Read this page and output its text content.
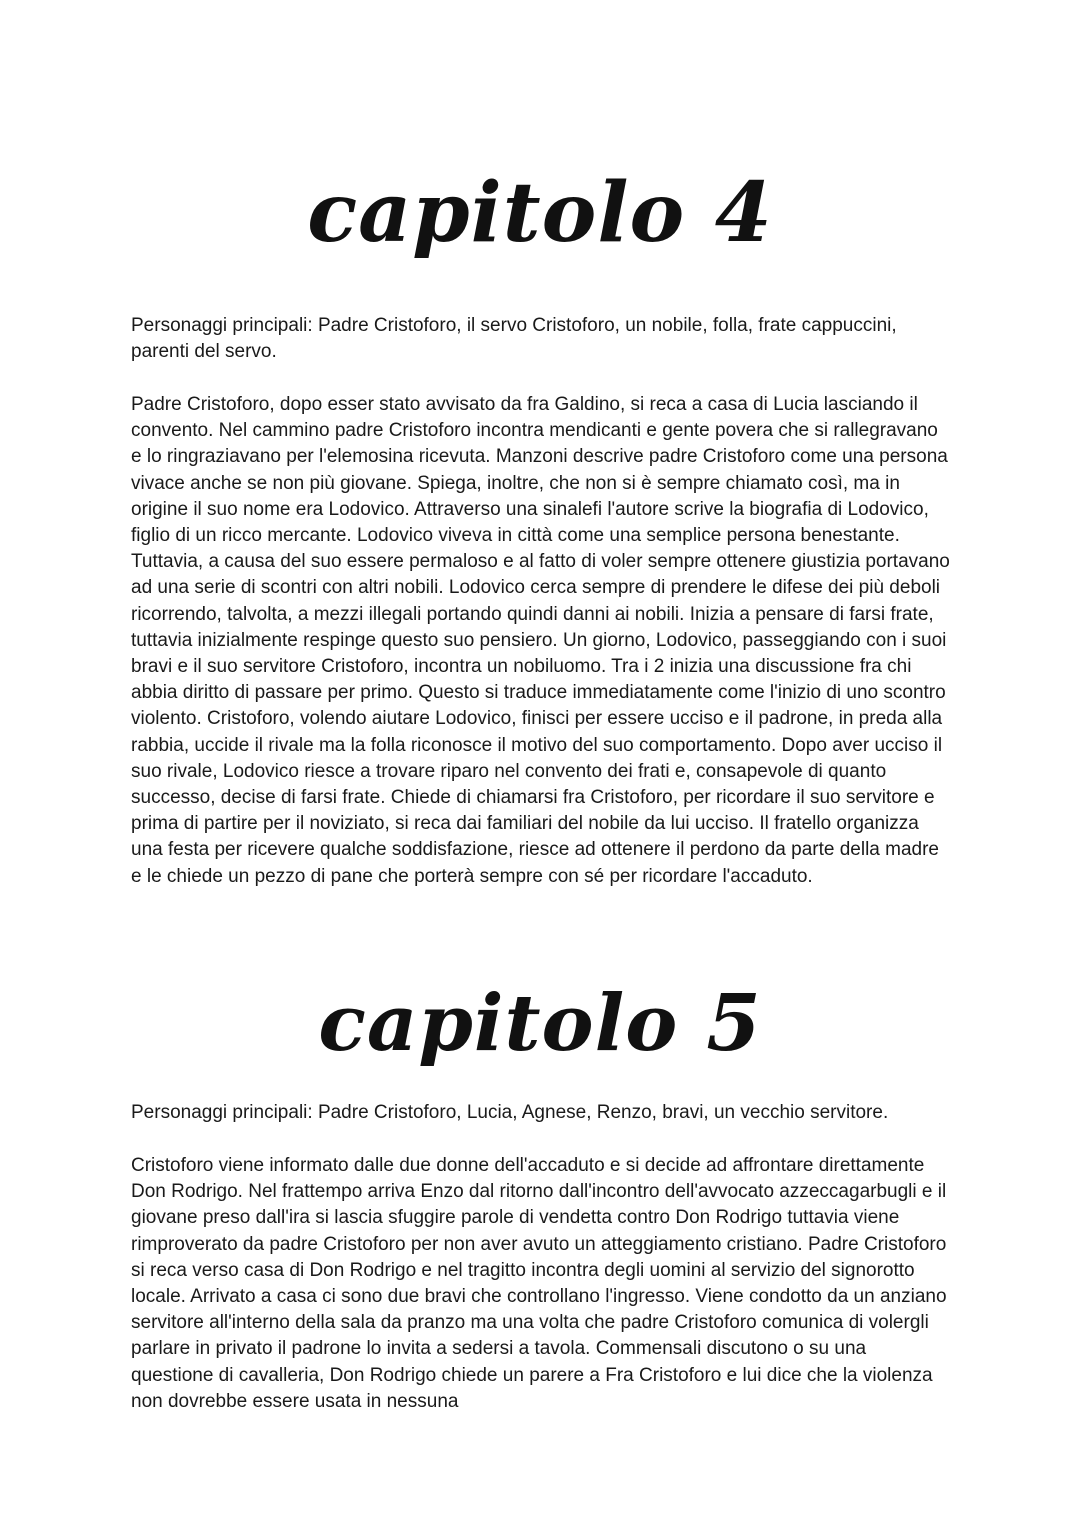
capitolo 4

Personaggi principali: Padre Cristoforo, il servo Cristoforo, un nobile, folla, frate cappuccini, parenti del servo.

Padre Cristoforo, dopo esser stato avvisato da fra Galdino, si reca a casa di Lucia lasciando il convento. Nel cammino padre Cristoforo incontra mendicanti e gente povera che si rallegravano e lo ringraziavano per l'elemosina ricevuta. Manzoni descrive padre Cristoforo come una persona vivace anche se non più giovane. Spiega, inoltre, che non si è sempre chiamato così, ma in origine il suo nome era Lodovico. Attraverso una sinalefi l'autore scrive la biografia di Lodovico, figlio di un ricco mercante. Lodovico viveva in città come una semplice persona benestante. Tuttavia, a causa del suo essere permaloso e al fatto di voler sempre ottenere giustizia portavano ad una serie di scontri con altri nobili. Lodovico cerca sempre di prendere le difese dei più deboli ricorrendo, talvolta, a mezzi illegali portando quindi danni ai nobili. Inizia a pensare di farsi frate, tuttavia inizialmente respinge questo suo pensiero. Un giorno, Lodovico, passeggiando con i suoi bravi e il suo servitore Cristoforo, incontra un nobiluomo. Tra i 2 inizia una discussione fra chi abbia diritto di passare per primo. Questo si traduce immediatamente come l'inizio di uno scontro violento. Cristoforo, volendo aiutare Lodovico, finisci per essere ucciso e il padrone, in preda alla rabbia, uccide il rivale ma la folla riconosce il motivo del suo comportamento. Dopo aver ucciso il suo rivale, Lodovico riesce a trovare riparo nel convento dei frati e, consapevole di quanto successo, decise di farsi frate. Chiede di chiamarsi fra Cristoforo, per ricordare il suo servitore e prima di partire per il noviziato, si reca dai familiari del nobile da lui ucciso. Il fratello organizza una festa per ricevere qualche soddisfazione, riesce ad ottenere il perdono da parte della madre e le chiede un pezzo di pane che porterà sempre con sé per ricordare l'accaduto.

capitolo 5

Personaggi principali: Padre Cristoforo, Lucia, Agnese, Renzo, bravi, un vecchio servitore.

Cristoforo viene informato dalle due donne dell'accaduto e si decide ad affrontare direttamente Don Rodrigo. Nel frattempo arriva Enzo dal ritorno dall'incontro dell'avvocato azzeccagarbugli e il giovane preso dall'ira si lascia sfuggire parole di vendetta contro Don Rodrigo tuttavia viene rimproverato da padre Cristoforo per non aver avuto un atteggiamento cristiano. Padre Cristoforo si reca verso casa di Don Rodrigo e nel tragitto incontra degli uomini al servizio del signorotto locale. Arrivato a casa ci sono due bravi che controllano l'ingresso. Viene condotto da un anziano servitore all'interno della sala da pranzo ma una volta che padre Cristoforo comunica di volergli parlare in privato il padrone lo invita a sedersi a tavola. Commensali discutono o su una questione di cavalleria, Don Rodrigo chiede un parere a Fra Cristoforo e lui dice che la violenza non dovrebbe essere usata in nessuna
